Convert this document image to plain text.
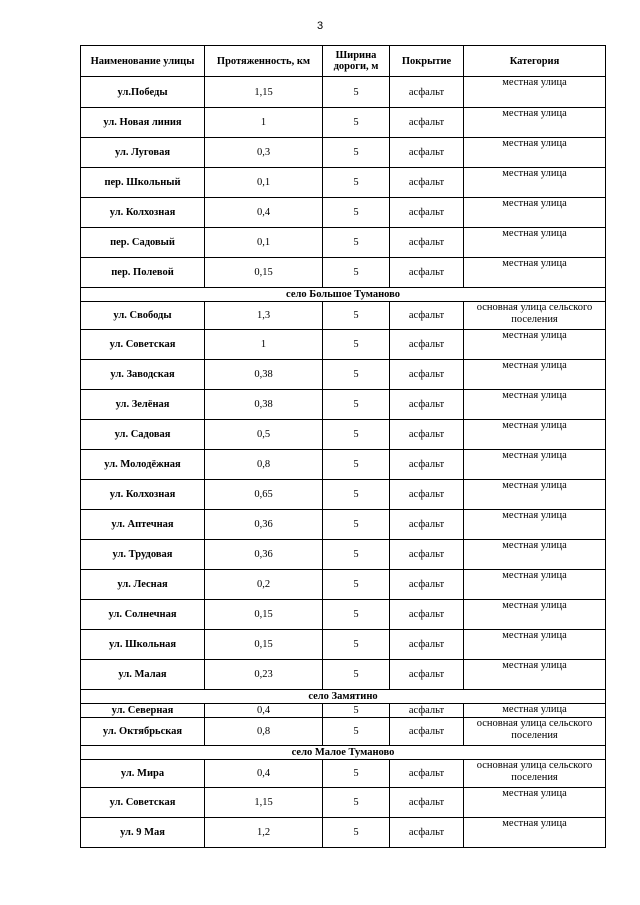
3
Наименование улицы	Протяженность, км	Ширина дороги, м	Покрытие	Категория
ул.Победы	1,15	5	асфальт	местная улица
ул. Новая линия	1	5	асфальт	местная улица
ул. Луговая	0,3	5	асфальт	местная улица
пер. Школьный	0,1	5	асфальт	местная улица
ул. Колхозная	0,4	5	асфальт	местная улица
пер. Садовый	0,1	5	асфальт	местная улица
пер. Полевой	0,15	5	асфальт	местная улица
село Большое Туманово				
ул. Свободы	1,3	5	асфальт	основная улица сельского поселения
ул. Советская	1	5	асфальт	местная улица
ул. Заводская	0,38	5	асфальт	местная улица
ул. Зелёная	0,38	5	асфальт	местная улица
ул. Садовая	0,5	5	асфальт	местная улица
ул. Молодёжная	0,8	5	асфальт	местная улица
ул. Колхозная	0,65	5	асфальт	местная улица
ул. Аптечная	0,36	5	асфальт	местная улица
ул. Трудовая	0,36	5	асфальт	местная улица
ул. Лесная	0,2	5	асфальт	местная улица
ул. Солнечная	0,15	5	асфальт	местная улица
ул. Школьная	0,15	5	асфальт	местная улица
ул. Малая	0,23	5	асфальт	местная улица
село Замятино				
ул. Северная	0,4	5	асфальт	местная улица
ул. Октябрьская	0,8	5	асфальт	основная улица сельского поселения
село Малое Туманово				
ул. Мира	0,4	5	асфальт	основная улица сельского поселения
ул. Советская	1,15	5	асфальт	местная улица
ул. 9 Мая	1,2	5	асфальт	местная улица
